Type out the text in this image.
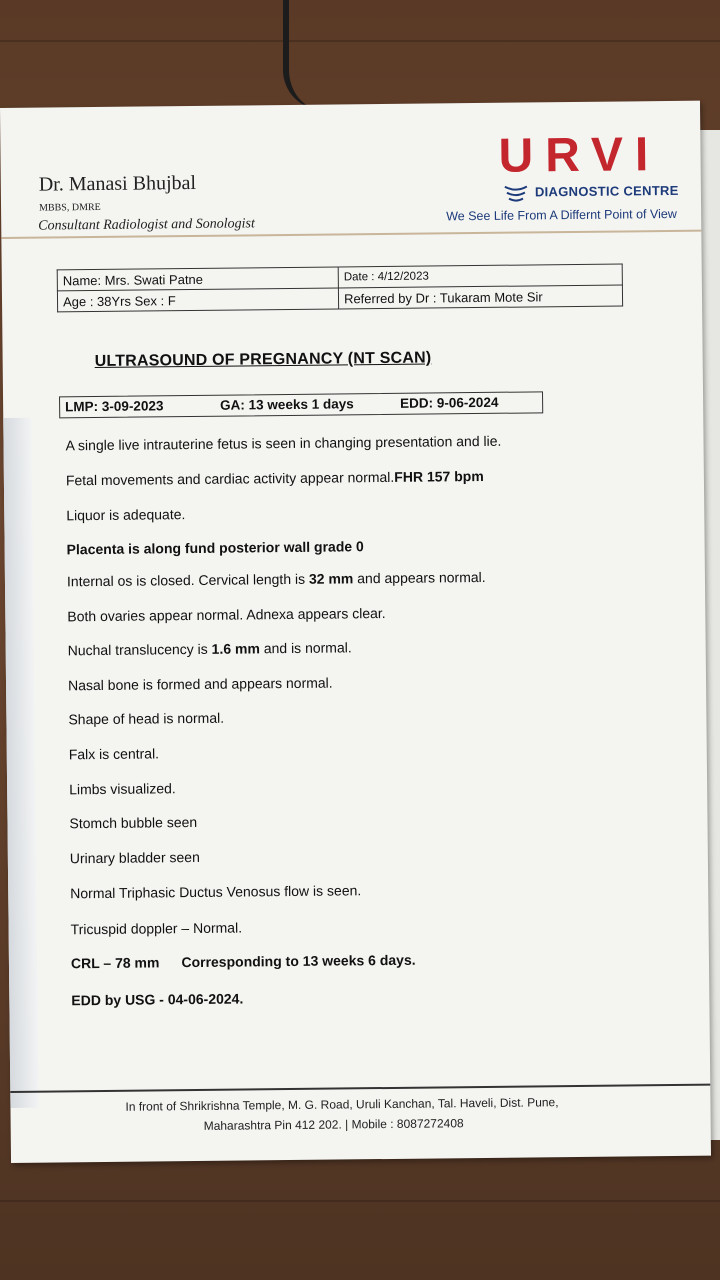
Dr. Manasi Bhujbal
MBBS, DMRE
Consultant Radiologist and Sonologist
URVI
DIAGNOSTIC CENTRE
We See Life From A Differnt Point of View
Name: Mrs. Swati Patne	Date : 4/12/2023
Age : 38Yrs Sex : F	Referred by Dr : Tukaram Mote Sir
ULTRASOUND OF PREGNANCY (NT SCAN)
LMP: 3-09-2023	GA: 13 weeks 1 days	EDD: 9-06-2024
A single live intrauterine fetus is seen in changing presentation and lie.
Fetal movements and cardiac activity appear normal.FHR 157 bpm
Liquor is adequate.
Placenta is along fund posterior wall grade 0
Internal os is closed. Cervical length is 32 mm and appears normal.
Both ovaries appear normal. Adnexa appears clear.
Nuchal translucency is 1.6 mm and is normal.
Nasal bone is formed and appears normal.
Shape of head is normal.
Falx is central.
Limbs visualized.
Stomch bubble seen
Urinary bladder seen
Normal Triphasic Ductus Venosus flow is seen.
Tricuspid doppler – Normal.
CRL – 78 mm Corresponding to 13 weeks 6 days.
EDD by USG - 04-06-2024.
In front of Shrikrishna Temple, M. G. Road, Uruli Kanchan, Tal. Haveli, Dist. Pune,
Maharashtra Pin 412 202. | Mobile : 8087272408
